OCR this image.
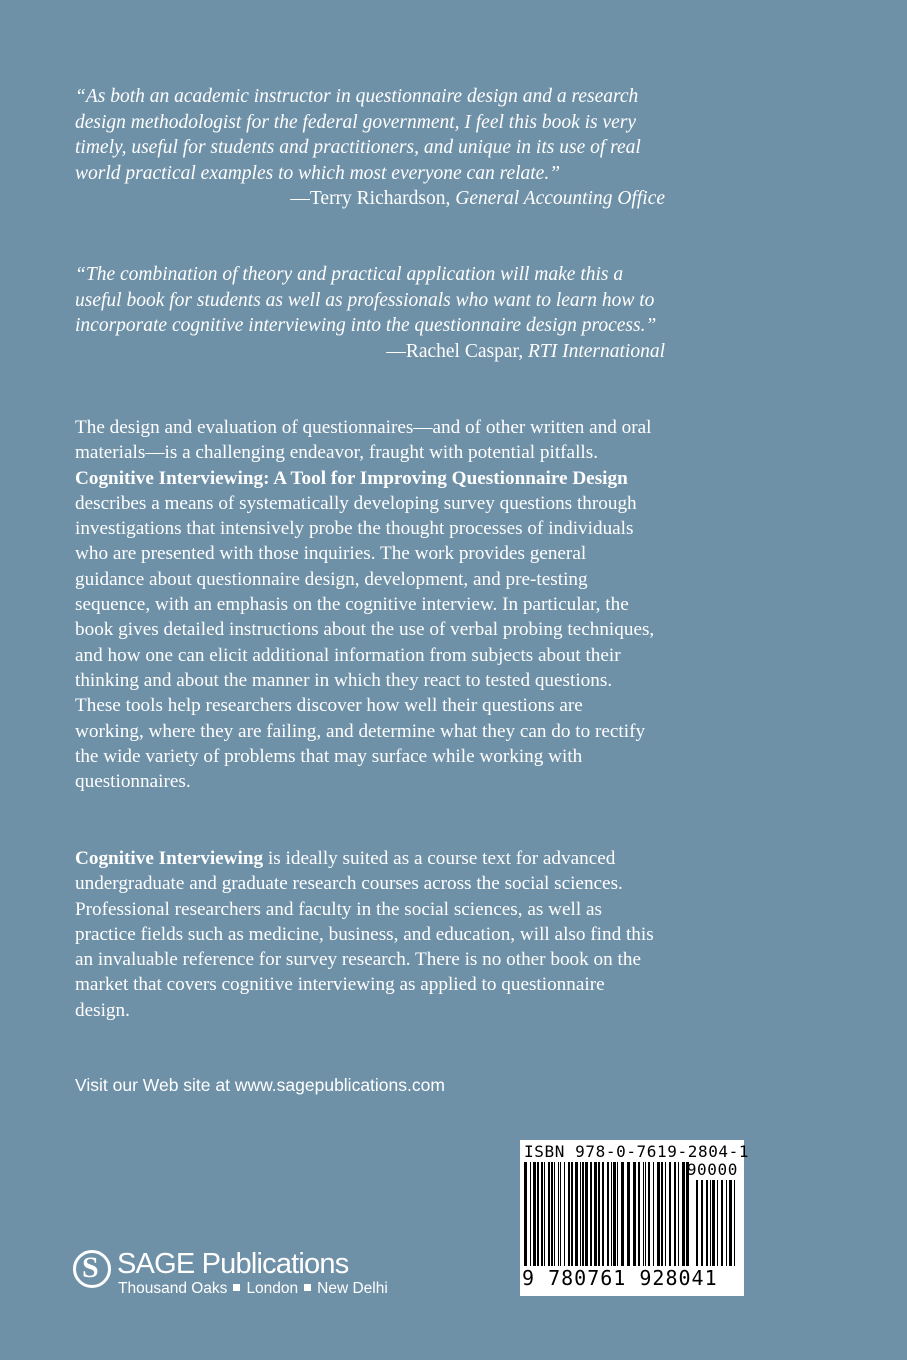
“As both an academic instructor in questionnaire design and a research design methodologist for the federal government, I feel this book is very timely, useful for students and practitioners, and unique in its use of real world practical examples to which most everyone can relate.”
—Terry Richardson, General Accounting Office
“The combination of theory and practical application will make this a useful book for students as well as professionals who want to learn how to incorporate cognitive interviewing into the questionnaire design process.”
—Rachel Caspar, RTI International
The design and evaluation of questionnaires—and of other written and oral materials—is a challenging endeavor, fraught with potential pitfalls. Cognitive Interviewing: A Tool for Improving Questionnaire Design describes a means of systematically developing survey questions through investigations that intensively probe the thought processes of individuals who are presented with those inquiries. The work provides general guidance about questionnaire design, development, and pre-testing sequence, with an emphasis on the cognitive interview. In particular, the book gives detailed instructions about the use of verbal probing techniques, and how one can elicit additional information from subjects about their thinking and about the manner in which they react to tested questions. These tools help researchers discover how well their questions are working, where they are failing, and determine what they can do to rectify the wide variety of problems that may surface while working with questionnaires.
Cognitive Interviewing is ideally suited as a course text for advanced undergraduate and graduate research courses across the social sciences. Professional researchers and faculty in the social sciences, as well as practice fields such as medicine, business, and education, will also find this an invaluable reference for survey research. There is no other book on the market that covers cognitive interviewing as applied to questionnaire design.
Visit our Web site at www.sagepublications.com
ISBN 978-0-7619-2804-1
90000
9 780761 928041
S SAGE Publications
Thousand Oaks London New Delhi
